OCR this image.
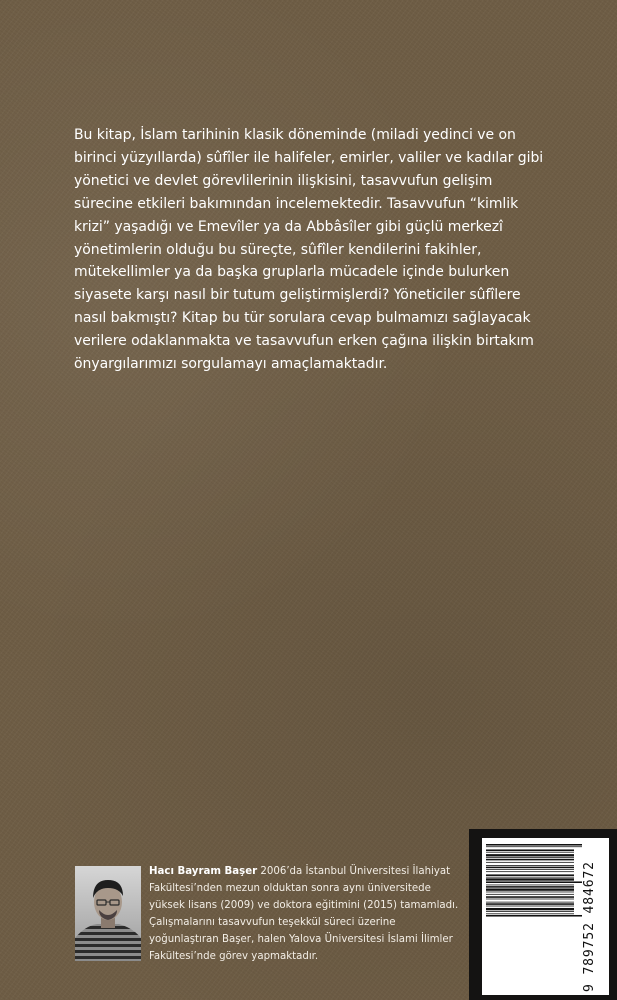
Bu kitap, İslam tarihinin klasik döneminde (miladi yedinci ve on birinci yüzyıllarda) sûfîler ile halifeler, emirler, valiler ve kadılar gibi yönetici ve devlet görevlilerinin ilişkisini, tasavvufun gelişim sürecine etkileri bakımından incelemektedir. Tasavvufun “kimlik krizi” yaşadığı ve Emevîler ya da Abbâsîler gibi güçlü merkezî yönetimlerin olduğu bu süreçte, sûfîler kendilerini fakihler, mütekellimler ya da başka gruplarla mücadele içinde bulurken siyasete karşı nasıl bir tutum geliştirmişlerdi? Yöneticiler sûfîlere nasıl bakmıştı? Kitap bu tür sorulara cevap bulmamızı sağlayacak verilere odaklanmakta ve tasavvufun erken çağına ilişkin birtakım önyargılarımızı sorgulamayı amaçlamaktadır.

Hacı Bayram Başer 2006’da İstanbul Üniversitesi İlahiyat Fakültesi’nden mezun olduktan sonra aynı üniversitede yüksek lisans (2009) ve doktora eğitimini (2015) tamamladı. Çalışmalarını tasavvufun teşekkül süreci üzerine yoğunlaştıran Başer, halen Yalova Üniversitesi İslami İlimler Fakültesi’nde görev yapmaktadır.	9 789752 484672
